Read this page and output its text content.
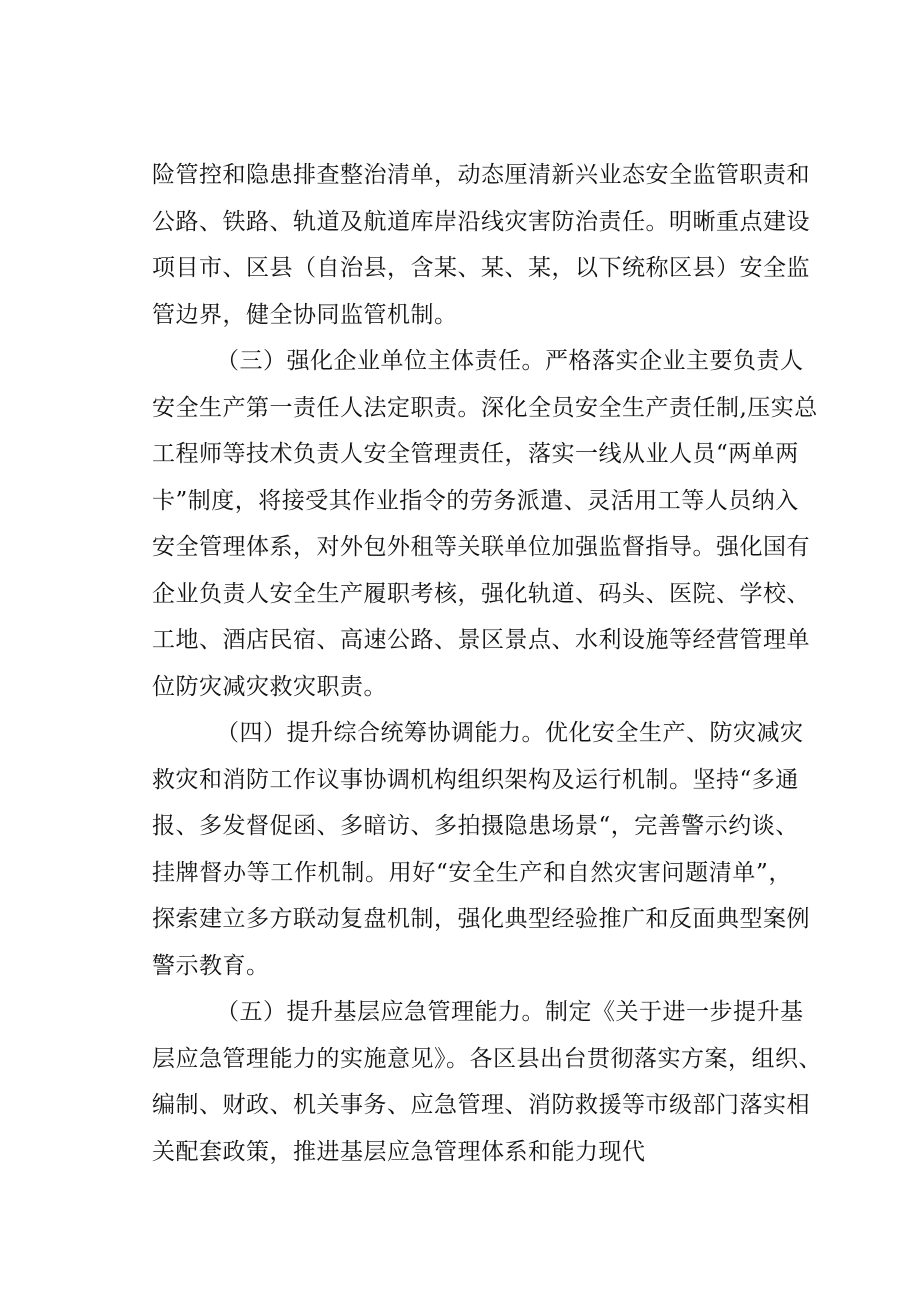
险管控和隐患排查整治清单，动态厘清新兴业态安全监管职责和
公路、铁路、轨道及航道库岸沿线灾害防治责任。明晰重点建设
项目市、区县（自治县，含某、某、某，以下统称区县）安全监
管边界，健全协同监管机制。
（三）强化企业单位主体责任。严格落实企业主要负责人
安全生产第一责任人法定职责。深化全员安全生产责任制,压实总
工程师等技术负责人安全管理责任，落实一线从业人员“两单两
卡”制度，将接受其作业指令的劳务派遣、灵活用工等人员纳入
安全管理体系，对外包外租等关联单位加强监督指导。强化国有
企业负责人安全生产履职考核，强化轨道、码头、医院、学校、
工地、酒店民宿、高速公路、景区景点、水利设施等经营管理单
位防灾减灾救灾职责。
（四）提升综合统筹协调能力。优化安全生产、防灾减灾
救灾和消防工作议事协调机构组织架构及运行机制。坚持“多通
报、多发督促函、多暗访、多拍摄隐患场景“，完善警示约谈、
挂牌督办等工作机制。用好“安全生产和自然灾害问题清单”，
探索建立多方联动复盘机制，强化典型经验推广和反面典型案例
警示教育。
（五）提升基层应急管理能力。制定《关于进一步提升基
层应急管理能力的实施意见》。各区县出台贯彻落实方案，组织、
编制、财政、机关事务、应急管理、消防救援等市级部门落实相
关配套政策，推进基层应急管理体系和能力现代
